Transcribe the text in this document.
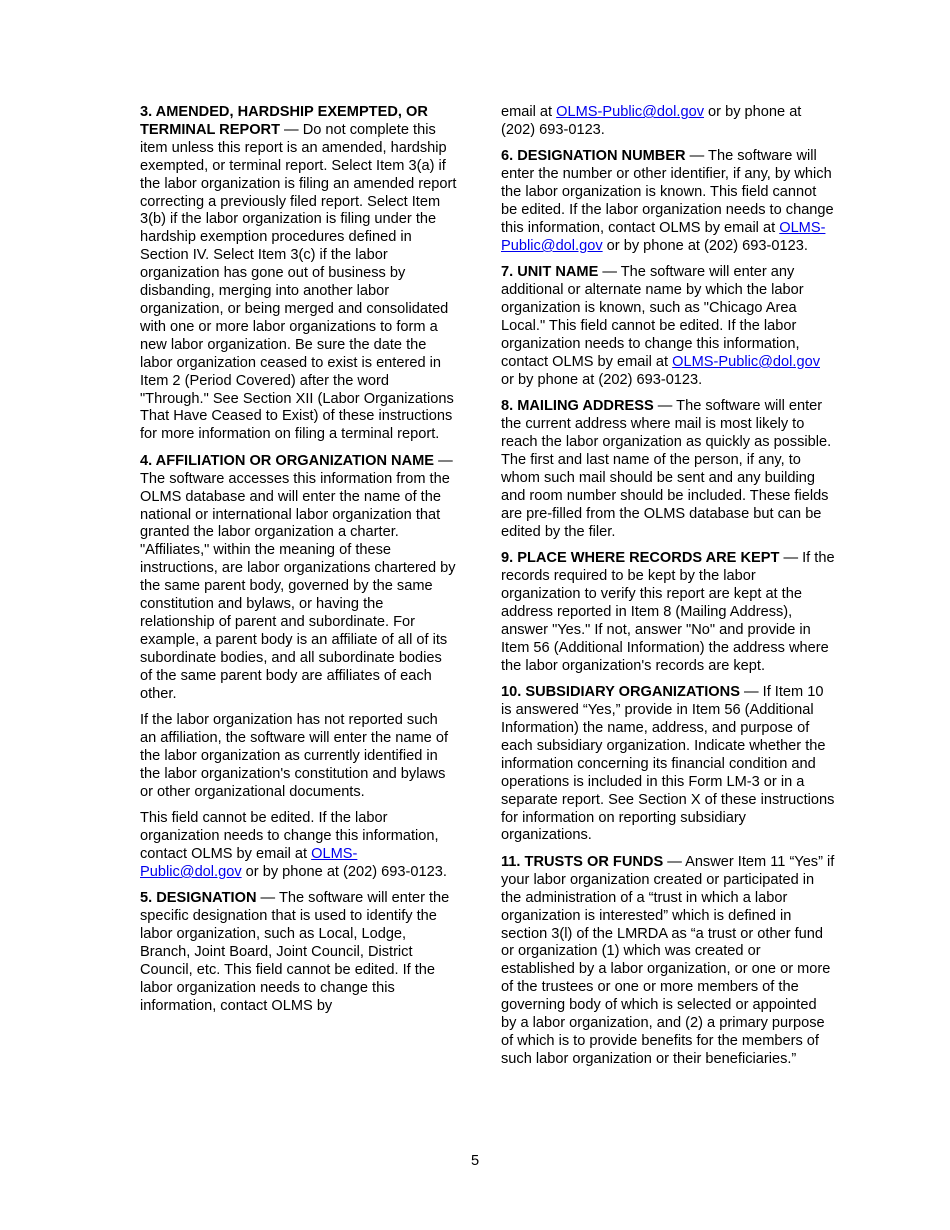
3. AMENDED, HARDSHIP EXEMPTED, OR TERMINAL REPORT — Do not complete this item unless this report is an amended, hardship exempted, or terminal report. Select Item 3(a) if the labor organization is filing an amended report correcting a previously filed report. Select Item 3(b) if the labor organization is filing under the hardship exemption procedures defined in Section IV. Select Item 3(c) if the labor organization has gone out of business by disbanding, merging into another labor organization, or being merged and consolidated with one or more labor organizations to form a new labor organization. Be sure the date the labor organization ceased to exist is entered in Item 2 (Period Covered) after the word "Through." See Section XII (Labor Organizations That Have Ceased to Exist) of these instructions for more information on filing a terminal report.

4. AFFILIATION OR ORGANIZATION NAME — The software accesses this information from the OLMS database and will enter the name of the national or international labor organization that granted the labor organization a charter. "Affiliates," within the meaning of these instructions, are labor organizations chartered by the same parent body, governed by the same constitution and bylaws, or having the relationship of parent and subordinate. For example, a parent body is an affiliate of all of its subordinate bodies, and all subordinate bodies of the same parent body are affiliates of each other.

If the labor organization has not reported such an affiliation, the software will enter the name of the labor organization as currently identified in the labor organization's constitution and bylaws or other organizational documents.

This field cannot be edited. If the labor organization needs to change this information, contact OLMS by email at OLMS-Public@dol.gov or by phone at (202) 693-0123.

5. DESIGNATION — The software will enter the specific designation that is used to identify the labor organization, such as Local, Lodge, Branch, Joint Board, Joint Council, District Council, etc. This field cannot be edited. If the labor organization needs to change this information, contact OLMS by

email at OLMS-Public@dol.gov or by phone at (202) 693-0123.

6. DESIGNATION NUMBER — The software will enter the number or other identifier, if any, by which the labor organization is known. This field cannot be edited. If the labor organization needs to change this information, contact OLMS by email at OLMS-Public@dol.gov or by phone at (202) 693-0123.

7. UNIT NAME — The software will enter any additional or alternate name by which the labor organization is known, such as "Chicago Area Local." This field cannot be edited. If the labor organization needs to change this information, contact OLMS by email at OLMS-Public@dol.gov or by phone at (202) 693-0123.

8. MAILING ADDRESS — The software will enter the current address where mail is most likely to reach the labor organization as quickly as possible. The first and last name of the person, if any, to whom such mail should be sent and any building and room number should be included. These fields are pre-filled from the OLMS database but can be edited by the filer.

9. PLACE WHERE RECORDS ARE KEPT — If the records required to be kept by the labor organization to verify this report are kept at the address reported in Item 8 (Mailing Address), answer "Yes." If not, answer "No" and provide in Item 56 (Additional Information) the address where the labor organization's records are kept.

10. SUBSIDIARY ORGANIZATIONS — If Item 10 is answered “Yes,” provide in Item 56 (Additional Information) the name, address, and purpose of each subsidiary organization. Indicate whether the information concerning its financial condition and operations is included in this Form LM-3 or in a separate report. See Section X of these instructions for information on reporting subsidiary organizations.

11. TRUSTS OR FUNDS — Answer Item 11 “Yes” if your labor organization created or participated in the administration of a “trust in which a labor organization is interested” which is defined in section 3(l) of the LMRDA as “a trust or other fund or organization (1) which was created or established by a labor organization, or one or more of the trustees or one or more members of the governing body of which is selected or appointed by a labor organization, and (2) a primary purpose of which is to provide benefits for the members of such labor organization or their beneficiaries.”

5
